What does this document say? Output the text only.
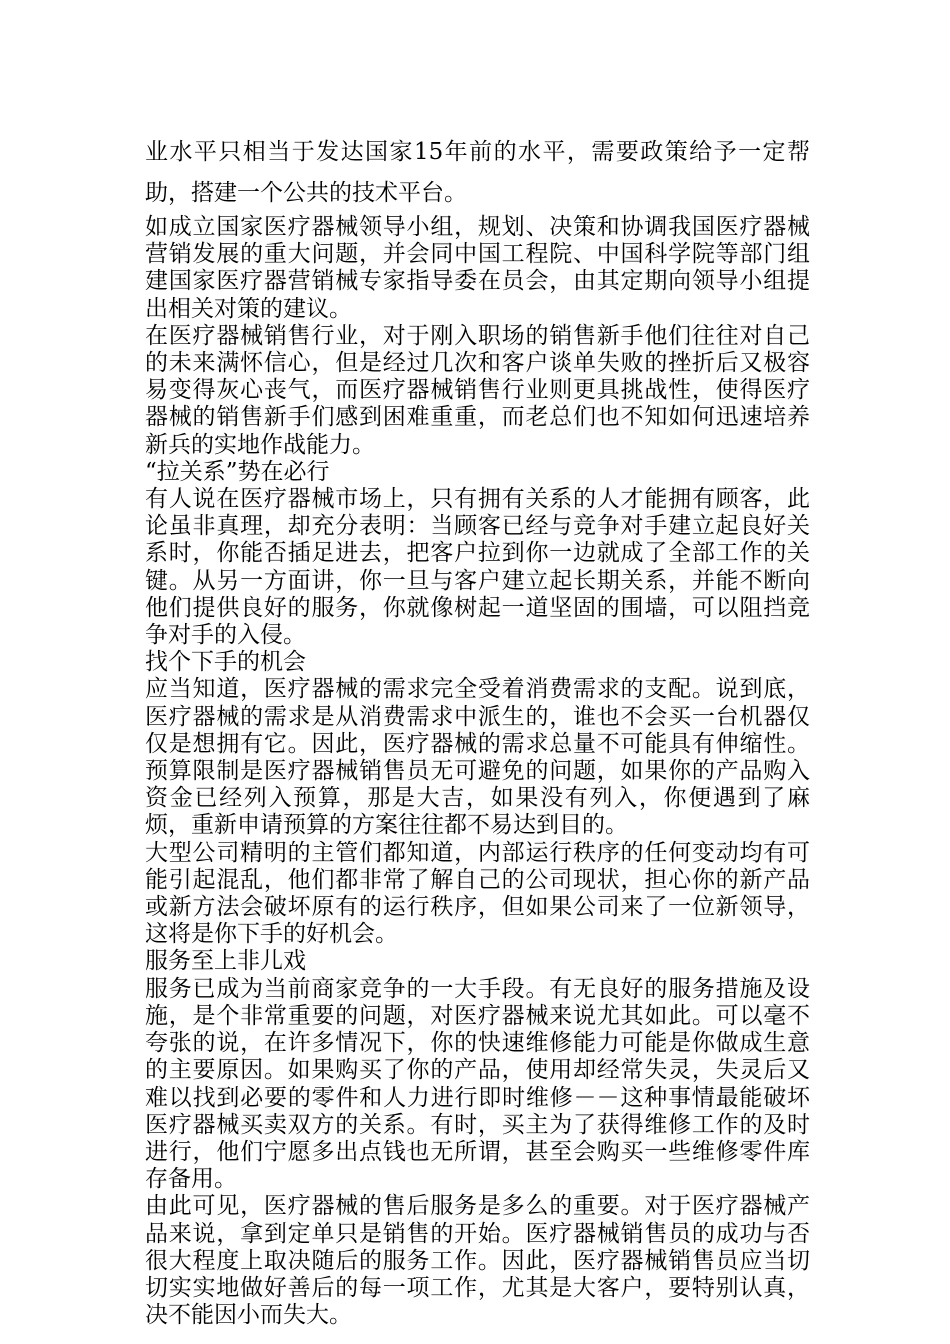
业水平只相当于发达国家15年前的水平，需要政策给予一定帮助，搭建一个公共的技术平台。

如成立国家医疗器械领导小组，规划、决策和协调我国医疗器械营销发展的重大问题，并会同中国工程院、中国科学院等部门组建国家医疗器营销械专家指导委在员会，由其定期向领导小组提出相关对策的建议。

在医疗器械销售行业，对于刚入职场的销售新手他们往往对自己的未来满怀信心，但是经过几次和客户谈单失败的挫折后又极容易变得灰心丧气，而医疗器械销售行业则更具挑战性，使得医疗器械的销售新手们感到困难重重，而老总们也不知如何迅速培养新兵的实地作战能力。

“拉关系”势在必行

有人说在医疗器械市场上，只有拥有关系的人才能拥有顾客，此论虽非真理，却充分表明：当顾客已经与竞争对手建立起良好关系时，你能否插足进去，把客户拉到你一边就成了全部工作的关键。从另一方面讲，你一旦与客户建立起长期关系，并能不断向他们提供良好的服务，你就像树起一道坚固的围墙，可以阻挡竞争对手的入侵。

找个下手的机会

应当知道，医疗器械的需求完全受着消费需求的支配。说到底，医疗器械的需求是从消费需求中派生的，谁也不会买一台机器仅仅是想拥有它。因此，医疗器械的需求总量不可能具有伸缩性。预算限制是医疗器械销售员无可避免的问题，如果你的产品购入资金已经列入预算，那是大吉，如果没有列入，你便遇到了麻烦，重新申请预算的方案往往都不易达到目的。

大型公司精明的主管们都知道，内部运行秩序的任何变动均有可能引起混乱，他们都非常了解自己的公司现状，担心你的新产品或新方法会破坏原有的运行秩序，但如果公司来了一位新领导，这将是你下手的好机会。

服务至上非儿戏

服务已成为当前商家竞争的一大手段。有无良好的服务措施及设施，是个非常重要的问题，对医疗器械来说尤其如此。可以毫不夸张的说，在许多情况下，你的快速维修能力可能是你做成生意的主要原因。如果购买了你的产品，使用却经常失灵，失灵后又难以找到必要的零件和人力进行即时维修－－这种事情最能破坏医疗器械买卖双方的关系。有时，买主为了获得维修工作的及时进行，他们宁愿多出点钱也无所谓，甚至会购买一些维修零件库存备用。

由此可见，医疗器械的售后服务是多么的重要。对于医疗器械产品来说，拿到定单只是销售的开始。医疗器械销售员的成功与否很大程度上取决随后的服务工作。因此，医疗器械销售员应当切切实实地做好善后的每一项工作，尤其是大客户，要特别认真，决不能因小而失大。
